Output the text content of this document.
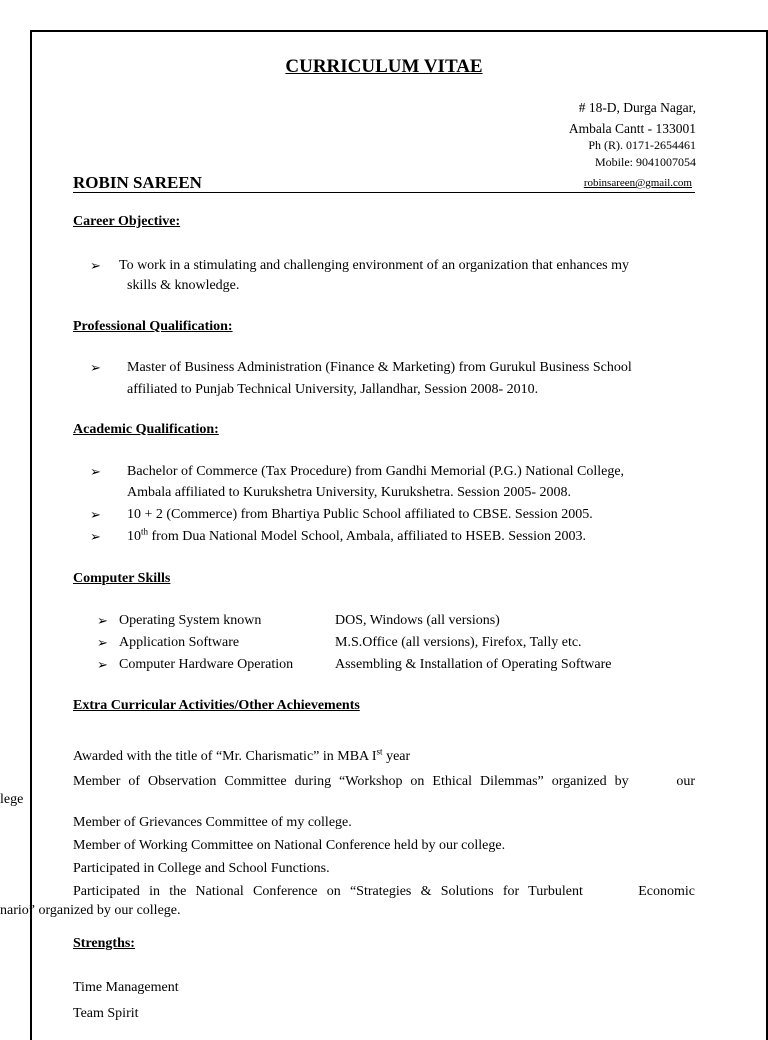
CURRICULUM VITAE
# 18-D, Durga Nagar,
Ambala Cantt - 133001
Ph (R). 0171-2654461
Mobile: 9041007054
ROBIN SAREEN	robinsareen@gmail.com
Career Objective:
➢ To work in a stimulating and challenging environment of an organization that enhances my
skills & knowledge.
Professional Qualification:
➢ Master of Business Administration (Finance & Marketing) from Gurukul Business School
affiliated to Punjab Technical University, Jallandhar, Session 2008- 2010.
Academic Qualification:
➢ Bachelor of Commerce (Tax Procedure) from Gandhi Memorial (P.G.) National College,
Ambala affiliated to Kurukshetra University, Kurukshetra. Session 2005- 2008.
➢ 10 + 2 (Commerce) from Bhartiya Public School affiliated to CBSE. Session 2005.
➢ 10th from Dua National Model School, Ambala, affiliated to HSEB. Session 2003.
Computer Skills
➢ Operating System known	DOS, Windows (all versions)
➢ Application Software	M.S.Office (all versions), Firefox, Tally etc.
➢ Computer Hardware Operation	Assembling & Installation of Operating Software
Extra Curricular Activities/Other Achievements
Awarded with the title of “Mr. Charismatic” in MBA Ist year
Member of Observation Committee during “Workshop on Ethical Dilemmas” organized by      our
lege
Member of Grievances Committee of my college.
Member of Working Committee on National Conference held by our college.
Participated in College and School Functions.
Participated in the National Conference on “Strategies & Solutions for Turbulent      Economic
nario” organized by our college.
Strengths:
Time Management
Team Spirit
